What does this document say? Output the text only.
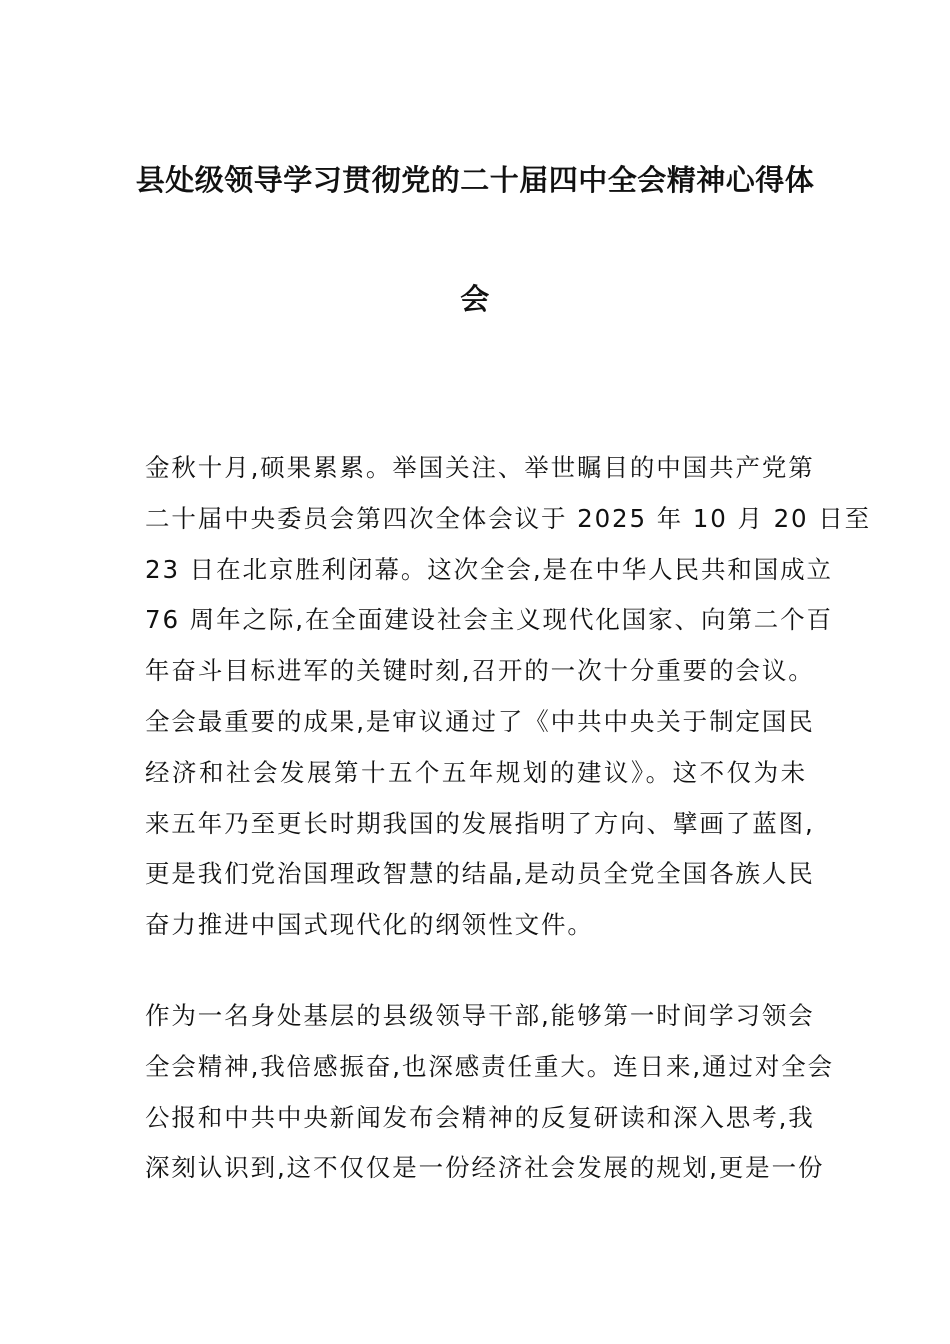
县处级领导学习贯彻党的二十届四中全会精神心得体
会
金秋十月,硕果累累。举国关注、举世瞩目的中国共产党第
二十届中央委员会第四次全体会议于 2025 年 10 月 20 日至
23 日在北京胜利闭幕。这次全会,是在中华人民共和国成立
76 周年之际,在全面建设社会主义现代化国家、向第二个百
年奋斗目标进军的关键时刻,召开的一次十分重要的会议。
全会最重要的成果,是审议通过了《中共中央关于制定国民
经济和社会发展第十五个五年规划的建议》。这不仅为未
来五年乃至更长时期我国的发展指明了方向、擘画了蓝图,
更是我们党治国理政智慧的结晶,是动员全党全国各族人民
奋力推进中国式现代化的纲领性文件。
作为一名身处基层的县级领导干部,能够第一时间学习领会
全会精神,我倍感振奋,也深感责任重大。连日来,通过对全会
公报和中共中央新闻发布会精神的反复研读和深入思考,我
深刻认识到,这不仅仅是一份经济社会发展的规划,更是一份
